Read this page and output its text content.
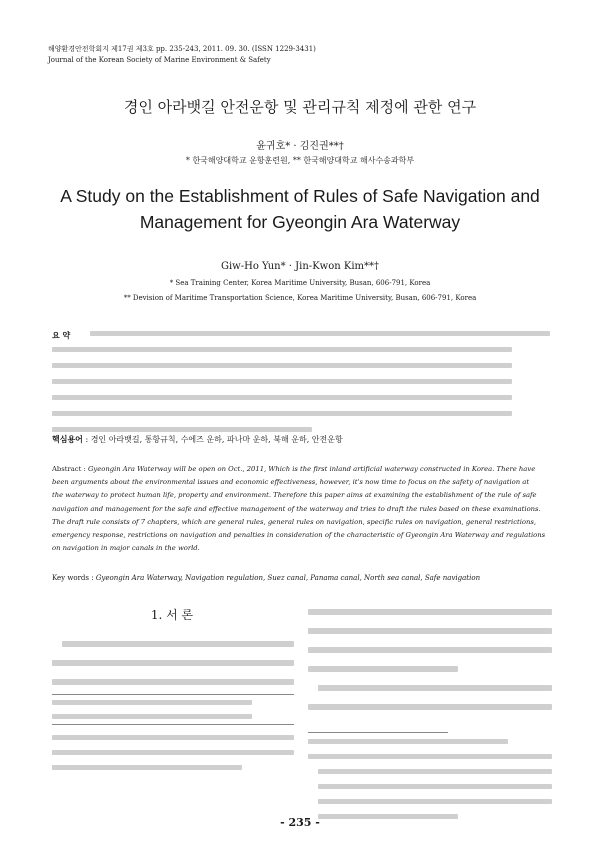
해양환경안전학회지 제17권 제3호 pp. 235-243, 2011. 09. 30. (ISSN 1229-3431)
Journal of the Korean Society of Marine Environment & Safety
경인 아라뱃길 안전운항 및 관리규칙 제정에 관한 연구
윤귀호* · 김진권**†
* 한국해양대학교 운항훈련원, ** 한국해양대학교 해사수송과학부
A Study on the Establishment of Rules of Safe Navigation and
Management for Gyeongin Ara Waterway
Giw-Ho Yun* · Jin-Kwon Kim**†
* Sea Training Center, Korea Maritime University, Busan, 606-791, Korea
** Devision of Maritime Transportation Science, Korea Maritime University, Busan, 606-791, Korea
요 약
핵심용어 : 경인 아라뱃길, 통항규칙, 수에즈 운하, 파나마 운하, 북해 운하, 안전운항
Abstract : Gyeongin Ara Waterway will be open on Oct., 2011, Which is the first inland artificial waterway constructed in Korea. There have
been arguments about the environmental issues and economic effectiveness, however, it's now time to focus on the safety of navigation at
the waterway to protect human life, property and environment. Therefore this paper aims at examining the establishment of the rule of safe
navigation and management for the safe and effective management of the waterway and tries to draft the rules based on these examinations.
The draft rule consists of 7 chapters, which are general rules, general rules on navigation, specific rules on navigation, general restrictions,
emergency response, restrictions on navigation and penalties in consideration of the characteristic of Gyeongin Ara Waterway and regulations
on navigation in major canals in the world.
Key words : Gyeongin Ara Waterway, Navigation regulation, Suez canal, Panama canal, North sea canal, Safe navigation
1. 서 론
- 235 -
